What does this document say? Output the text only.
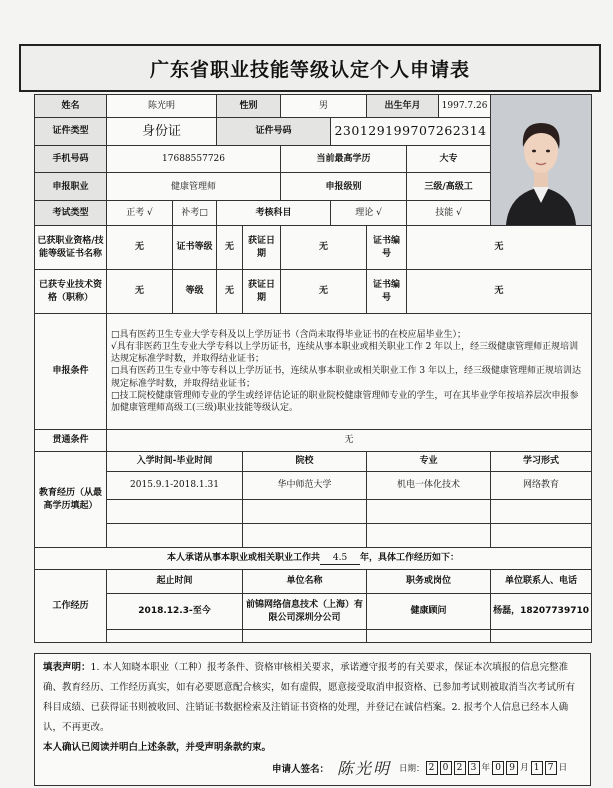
广东省职业技能等级认定个人申请表
姓名	陈光明		性别		男		出生年月		1997.7.26	

证件类型	身份证		证件号码			230129199707262314				
手机号码	17688557726				当前最高学历			大专		
申报职业	健康管理师				申报级别			三级/高级工		
考试类型	正考 √	补考□	考核科目			理论 √		技能 √		
已获职业资格/技能等级证书名称	无	证书等级	无	获证日期	无		证书编号	无		
已获专业技术资格（职称）	无	等级	无	获证日期	无		证书编号	无		
申报条件	□具有医药卫生专业大学专科及以上学历证书（含尚未取得毕业证书的在校应届毕业生）；
√具有非医药卫生专业大学专科以上学历证书，连续从事本职业或相关职业工作 2 年以上，经三级健康管理师正规培训达规定标准学时数，并取得结业证书；
□具有医药卫生专业中等专科以上学历证书，连续从事本职业或相关职业工作 3 年以上，经三级健康管理师正规培训达规定标准学时数，并取得结业证书；
□技工院校健康管理师专业的学生或经评估论证的职业院校健康管理师专业的学生，可在其毕业学年按培养层次申报参加健康管理师高级工(三级)职业技能等级认定。									

贯通条件	无									
教育经历（从最高学历填起）	入学时间-毕业时间			院校			专业			学习形式
	2015.9.1-2018.1.31			华中师范大学			机电一体化技术			网络教育

本人承诺从事本职业或相关职业工作共 4.5 年，具体工作经历如下：										
工作经历	起止时间			单位名称			职务或岗位			单位联系人、电话
	2018.12.3-至今			前锦网络信息技术（上海）有限公司深圳分公司			健康顾问			杨磊，18207739710

填表声明：1. 本人知晓本职业（工种）报考条件、资格审核相关要求，承诺遵守报考的有关要求，保证本次填报的信息完整准确、教育经历、工作经历真实，如有必要愿意配合核实，如有虚假，愿意接受取消申报资格、已参加考试则被取消当次考试所有科目成绩、已获得证书则被收回、注销证书数据检索及注销证书资格的处理，并登记在诚信档案。2. 报考个人信息已经本人确认，不再更改。
本人确认已阅读并明白上述条款，并受声明条款约束。
申请人签名： 陈光明 日期： 2 0 2 3 年 0 9 月 1 7 日
